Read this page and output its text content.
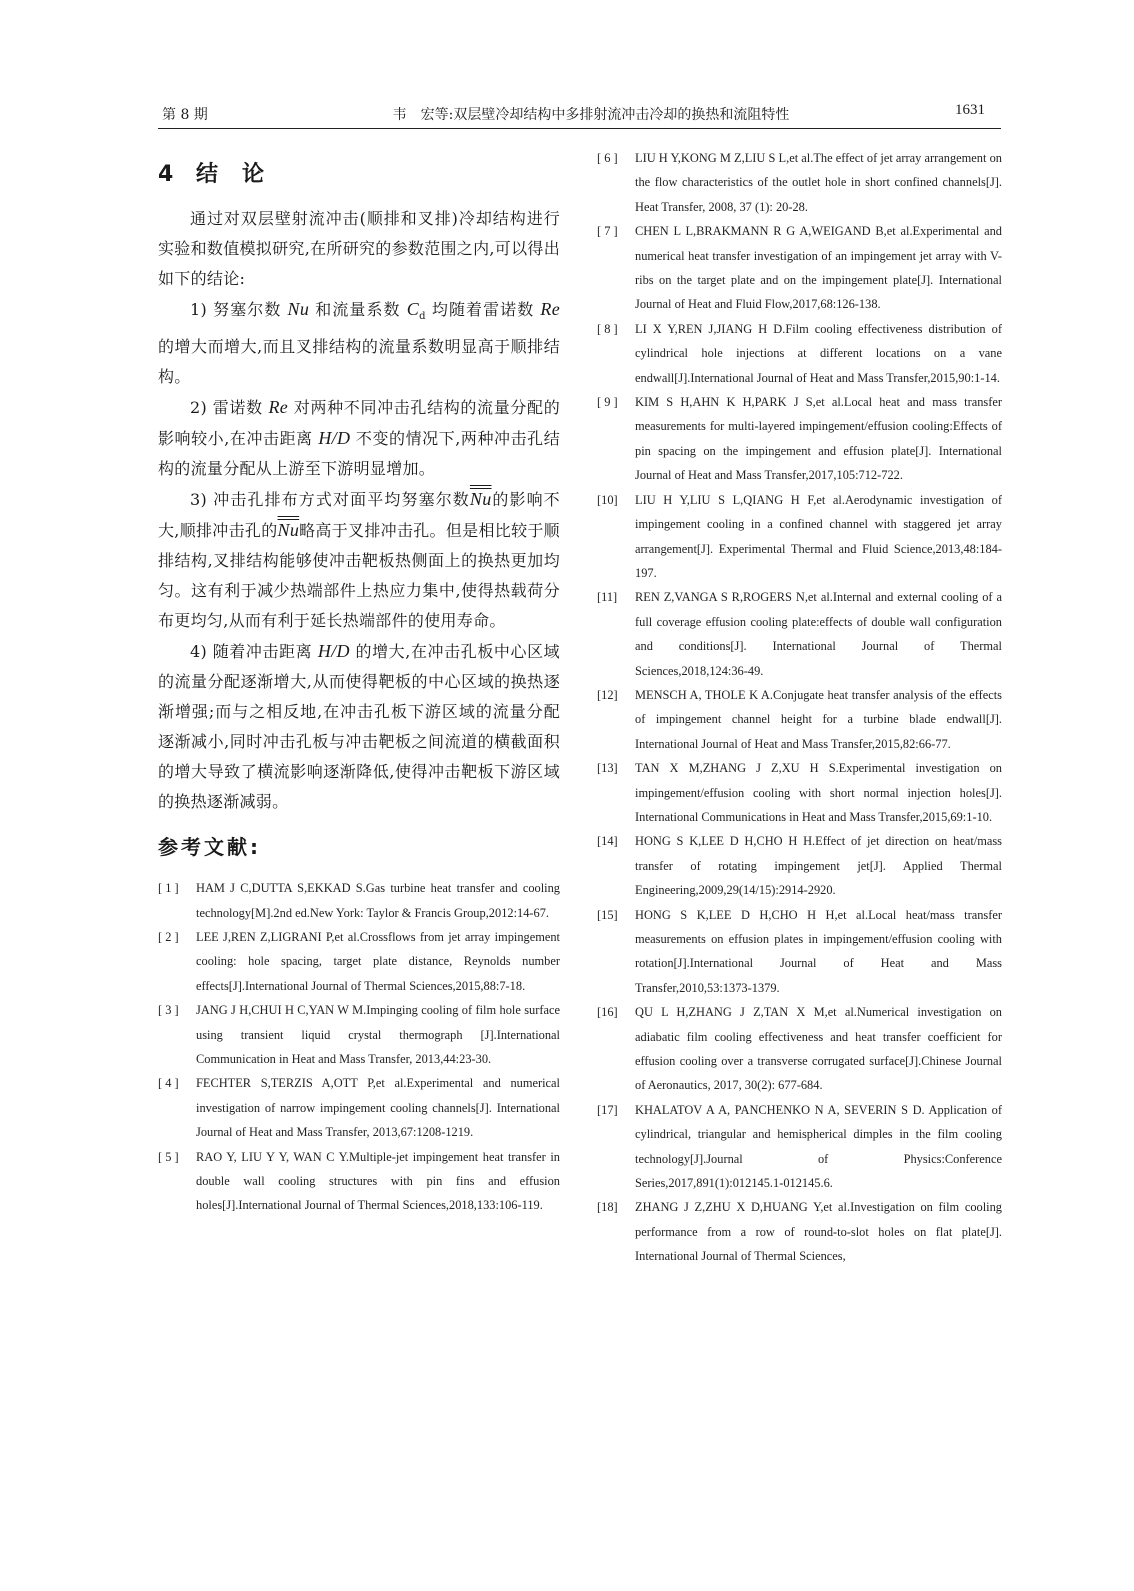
第 8 期	韦　宏等:双层壁冷却结构中多排射流冲击冷却的换热和流阻特性	1631
4 结 论

通过对双层壁射流冲击(顺排和叉排)冷却结构进行实验和数值模拟研究,在所研究的参数范围之内,可以得出如下的结论:

1) 努塞尔数 Nu 和流量系数 $C_d$ 均随着雷诺数 Re 的增大而增大,而且叉排结构的流量系数明显高于顺排结构。

2) 雷诺数 Re 对两种不同冲击孔结构的流量分配的影响较小,在冲击距离 H/D 不变的情况下,两种冲击孔结构的流量分配从上游至下游明显增加。

3) 冲击孔排布方式对面平均努塞尔数Nu的影响不大,顺排冲击孔的Nu略高于叉排冲击孔。但是相比较于顺排结构,叉排结构能够使冲击靶板热侧面上的换热更加均匀。这有利于减少热端部件上热应力集中,使得热载荷分布更均匀,从而有利于延长热端部件的使用寿命。

4) 随着冲击距离 H/D 的增大,在冲击孔板中心区域的流量分配逐渐增大,从而使得靶板的中心区域的换热逐渐增强;而与之相反地,在冲击孔板下游区域的流量分配逐渐减小,同时冲击孔板与冲击靶板之间流道的横截面积的增大导致了横流影响逐渐降低,使得冲击靶板下游区域的换热逐渐减弱。

参考文献:
[ 1 ]	HAM J C,DUTTA S,EKKAD S.Gas turbine heat transfer and cooling technology[M].2nd ed.New York: Taylor & Francis Group,2012:14-67.
[ 2 ]	LEE J,REN Z,LIGRANI P,et al.Crossflows from jet array impingement cooling: hole spacing, target plate distance, Reynolds number effects[J].International Journal of Thermal Sciences,2015,88:7-18.
[ 3 ]	JANG J H,CHUI H C,YAN W M.Impinging cooling of film hole surface using transient liquid crystal thermograph [J].International Communication in Heat and Mass Transfer, 2013,44:23-30.
[ 4 ]	FECHTER S,TERZIS A,OTT P,et al.Experimental and numerical investigation of narrow impingement cooling channels[J]. International Journal of Heat and Mass Transfer, 2013,67:1208-1219.
[ 5 ]	RAO Y, LIU Y Y, WAN C Y.Multiple-jet impingement heat transfer in double wall cooling structures with pin fins and effusion holes[J].International Journal of Thermal Sciences,2018,133:106-119.
[ 6 ]	LIU H Y,KONG M Z,LIU S L,et al.The effect of jet array arrangement on the flow characteristics of the outlet hole in short confined channels[J]. Heat Transfer, 2008, 37 (1): 20-28.
[ 7 ]	CHEN L L,BRAKMANN R G A,WEIGAND B,et al.Experimental and numerical heat transfer investigation of an impingement jet array with V-ribs on the target plate and on the impingement plate[J]. International Journal of Heat and Fluid Flow,2017,68:126-138.
[ 8 ]	LI X Y,REN J,JIANG H D.Film cooling effectiveness distribution of cylindrical hole injections at different locations on a vane endwall[J].International Journal of Heat and Mass Transfer,2015,90:1-14.
[ 9 ]	KIM S H,AHN K H,PARK J S,et al.Local heat and mass transfer measurements for multi-layered impingement/effusion cooling:Effects of pin spacing on the impingement and effusion plate[J]. International Journal of Heat and Mass Transfer,2017,105:712-722.
[10]	LIU H Y,LIU S L,QIANG H F,et al.Aerodynamic investigation of impingement cooling in a confined channel with staggered jet array arrangement[J]. Experimental Thermal and Fluid Science,2013,48:184-197.
[11]	REN Z,VANGA S R,ROGERS N,et al.Internal and external cooling of a full coverage effusion cooling plate:effects of double wall configuration and conditions[J]. International Journal of Thermal Sciences,2018,124:36-49.
[12]	MENSCH A, THOLE K A.Conjugate heat transfer analysis of the effects of impingement channel height for a turbine blade endwall[J]. International Journal of Heat and Mass Transfer,2015,82:66-77.
[13]	TAN X M,ZHANG J Z,XU H S.Experimental investigation on impingement/effusion cooling with short normal injection holes[J]. International Communications in Heat and Mass Transfer,2015,69:1-10.
[14]	HONG S K,LEE D H,CHO H H.Effect of jet direction on heat/mass transfer of rotating impingement jet[J]. Applied Thermal Engineering,2009,29(14/15):2914-2920.
[15]	HONG S K,LEE D H,CHO H H,et al.Local heat/mass transfer measurements on effusion plates in impingement/effusion cooling with rotation[J].International Journal of Heat and Mass Transfer,2010,53:1373-1379.
[16]	QU L H,ZHANG J Z,TAN X M,et al.Numerical investigation on adiabatic film cooling effectiveness and heat transfer coefficient for effusion cooling over a transverse corrugated surface[J].Chinese Journal of Aeronautics, 2017, 30(2): 677-684.
[17]	KHALATOV A A, PANCHENKO N A, SEVERIN S D. Application of cylindrical, triangular and hemispherical dimples in the film cooling technology[J].Journal of Physics:Conference Series,2017,891(1):012145.1-012145.6.
[18]	ZHANG J Z,ZHU X D,HUANG Y,et al.Investigation on film cooling performance from a row of round-to-slot holes on flat plate[J]. International Journal of Thermal Sciences,
